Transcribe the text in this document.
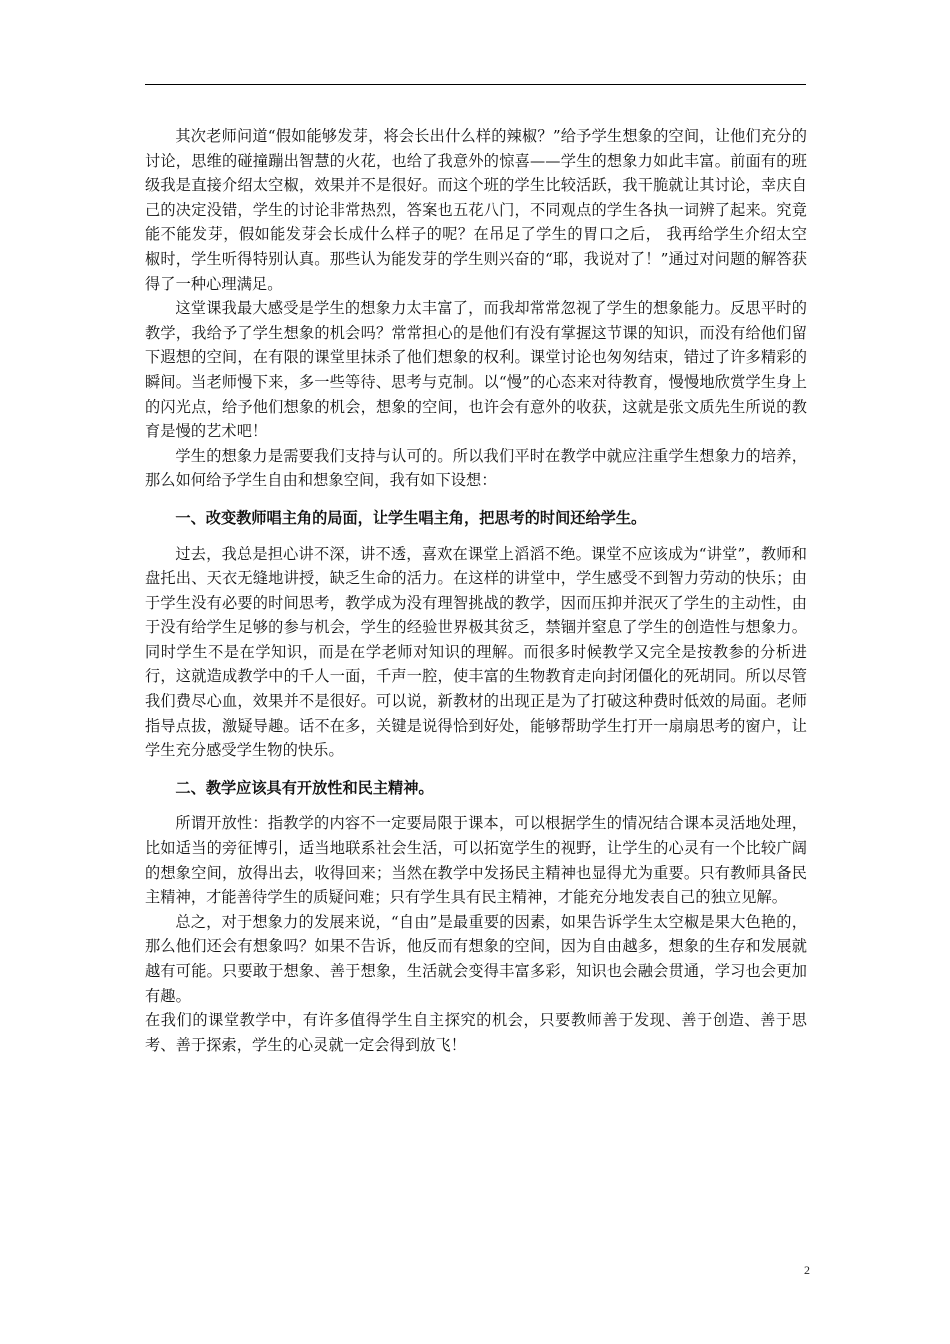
其次老师问道“假如能够发芽，将会长出什么样的辣椒？”给予学生想象的空间，让他们充分的讨论，思维的碰撞蹦出智慧的火花，也给了我意外的惊喜——学生的想象力如此丰富。前面有的班级我是直接介绍太空椒，效果并不是很好。而这个班的学生比较活跃，我干脆就让其讨论，幸庆自己的决定没错，学生的讨论非常热烈，答案也五花八门，不同观点的学生各执一词辨了起来。究竟能不能发芽，假如能发芽会长成什么样子的呢？在吊足了学生的胃口之后， 我再给学生介绍太空椒时，学生听得特别认真。那些认为能发芽的学生则兴奋的“耶，我说对了！”通过对问题的解答获得了一种心理满足。

这堂课我最大感受是学生的想象力太丰富了，而我却常常忽视了学生的想象能力。反思平时的教学，我给予了学生想象的机会吗？常常担心的是他们有没有掌握这节课的知识，而没有给他们留下遐想的空间，在有限的课堂里抹杀了他们想象的权利。课堂讨论也匆匆结束，错过了许多精彩的瞬间。当老师慢下来，多一些等待、思考与克制。以“慢”的心态来对待教育，慢慢地欣赏学生身上的闪光点，给予他们想象的机会，想象的空间，也许会有意外的收获，这就是张文质先生所说的教育是慢的艺术吧！

学生的想象力是需要我们支持与认可的。所以我们平时在教学中就应注重学生想象力的培养，那么如何给予学生自由和想象空间，我有如下设想：

一、改变教师唱主角的局面，让学生唱主角，把思考的时间还给学生。

过去，我总是担心讲不深，讲不透，喜欢在课堂上滔滔不绝。课堂不应该成为“讲堂”，教师和盘托出、天衣无缝地讲授，缺乏生命的活力。在这样的讲堂中，学生感受不到智力劳动的快乐；由于学生没有必要的时间思考，教学成为没有理智挑战的教学，因而压抑并泯灭了学生的主动性，由于没有给学生足够的参与机会，学生的经验世界极其贫乏，禁锢并窒息了学生的创造性与想象力。同时学生不是在学知识，而是在学老师对知识的理解。而很多时候教学又完全是按教参的分析进行，这就造成教学中的千人一面，千声一腔，使丰富的生物教育走向封闭僵化的死胡同。所以尽管我们费尽心血，效果并不是很好。可以说，新教材的出现正是为了打破这种费时低效的局面。老师指导点拔，激疑导趣。话不在多，关键是说得恰到好处，能够帮助学生打开一扇扇思考的窗户，让学生充分感受学生物的快乐。

二、教学应该具有开放性和民主精神。

所谓开放性：指教学的内容不一定要局限于课本，可以根据学生的情况结合课本灵活地处理，比如适当的旁征博引，适当地联系社会生活，可以拓宽学生的视野，让学生的心灵有一个比较广阔的想象空间，放得出去，收得回来；当然在教学中发扬民主精神也显得尤为重要。只有教师具备民主精神，才能善待学生的质疑问难；只有学生具有民主精神，才能充分地发表自己的独立见解。

总之，对于想象力的发展来说，“自由”是最重要的因素，如果告诉学生太空椒是果大色艳的，那么他们还会有想象吗？如果不告诉，他反而有想象的空间，因为自由越多，想象的生存和发展就越有可能。只要敢于想象、善于想象，生活就会变得丰富多彩，知识也会融会贯通，学习也会更加有趣。

在我们的课堂教学中，有许多值得学生自主探究的机会，只要教师善于发现、善于创造、善于思考、善于探索，学生的心灵就一定会得到放飞！

2
